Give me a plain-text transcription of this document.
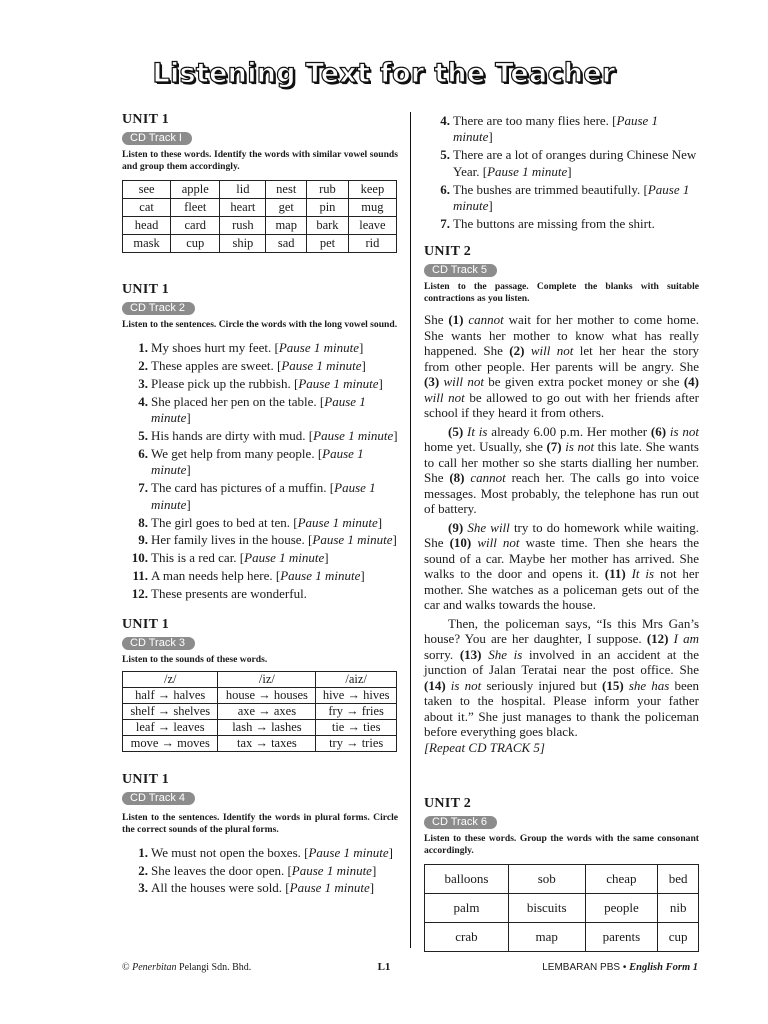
Listening Text for the Teacher
UNIT 1
CD Track I
Listen to these words. Identify the words with similar vowel sounds and group them accordingly.
see	apple	lid	nest	rub	keep
cat	fleet	heart	get	pin	mug
head	card	rush	map	bark	leave
mask	cup	ship	sad	pet	rid
UNIT 1
CD Track 2
Listen to the sentences. Circle the words with the long vowel sound.
1. My shoes hurt my feet. [Pause 1 minute]
2. These apples are sweet. [Pause 1 minute]
3. Please pick up the rubbish. [Pause 1 minute]
4. She placed her pen on the table. [Pause 1 minute]
5. His hands are dirty with mud. [Pause 1 minute]
6. We get help from many people. [Pause 1 minute]
7. The card has pictures of a muffin. [Pause 1 minute]
8. The girl goes to bed at ten. [Pause 1 minute]
9. Her family lives in the house. [Pause 1 minute]
10. This is a red car. [Pause 1 minute]
11. A man needs help here. [Pause 1 minute]
12. These presents are wonderful.
UNIT 1
CD Track 3
Listen to the sounds of these words.
/z/	/iz/	/aiz/
half → halves	house → houses	hive → hives
shelf → shelves	axe → axes	fry → fries
leaf → leaves	lash → lashes	tie → ties
move → moves	tax → taxes	try → tries
UNIT 1
CD Track 4
Listen to the sentences. Identify the words in plural forms. Circle the correct sounds of the plural forms.
1. We must not open the boxes. [Pause 1 minute]
2. She leaves the door open. [Pause 1 minute]
3. All the houses were sold. [Pause 1 minute]
4. There are too many flies here. [Pause 1 minute]
5. There are a lot of oranges during Chinese New Year. [Pause 1 minute]
6. The bushes are trimmed beautifully. [Pause 1 minute]
7. The buttons are missing from the shirt.
UNIT 2
CD Track 5
Listen to the passage. Complete the blanks with suitable contractions as you listen.

She (1) cannot wait for her mother to come home. She wants her mother to know what has really happened. She (2) will not let her hear the story from other people. Her parents will be angry. She (3) will not be given extra pocket money or she (4) will not be allowed to go out with her friends after school if they heard it from others.

(5) It is already 6.00 p.m. Her mother (6) is not home yet. Usually, she (7) is not this late. She wants to call her mother so she starts dialling her number. She (8) cannot reach her. The calls go into voice messages. Most probably, the telephone has run out of battery.

(9) She will try to do homework while waiting. She (10) will not waste time. Then she hears the sound of a car. Maybe her mother has arrived. She walks to the door and opens it. (11) It is not her mother. She watches as a policeman gets out of the car and walks towards the house.

Then, the policeman says, “Is this Mrs Gan’s house? You are her daughter, I suppose. (12) I am sorry. (13) She is involved in an accident at the junction of Jalan Teratai near the post office. She (14) is not seriously injured but (15) she has been taken to the hospital. Please inform your father about it.” She just manages to thank the policeman before everything goes black.

[Repeat CD TRACK 5]

UNIT 2
CD Track 6
Listen to these words. Group the words with the same consonant accordingly.
balloons	sob	cheap	bed
palm	biscuits	people	nib
crab	map	parents	cup
© Penerbitan Pelangi Sdn. Bhd.	L1	LEMBARAN PBS • English Form 1
